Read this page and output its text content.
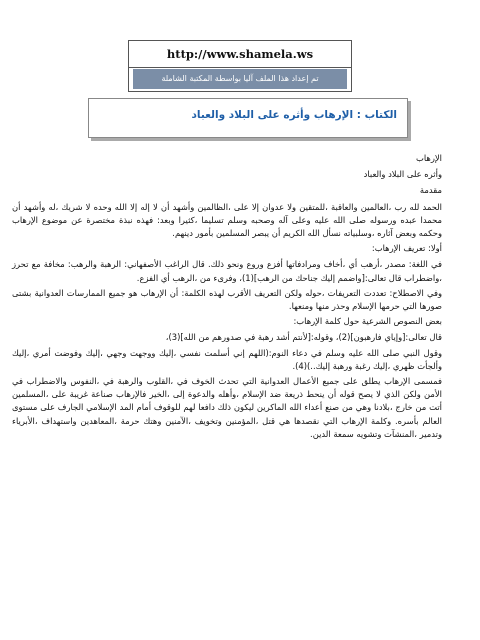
http://www.shamela.ws
تم إعداد هذا الملف آليا بواسطة المكتبة الشاملة
الكتاب : الإرهاب وأثره على البلاد والعباد

الإرهاب

وأثره على البلاد والعباد

مقدمة

الحمد لله رب ،العالمين والعاقبة ،للمتقين ولا عدوان إلا على ،الظالمين وأشهد أن لا إله إلا الله وحده لا شريك ،له وأشهد أن محمدا عبده ورسوله صلى الله عليه وعلى آله وصحبه وسلم تسليما ،كثيرا وبعد: فهذه نبذة مختصرة عن موضوع الإرهاب وحكمه وبعض آثاره ،وسلبياته نسأل الله الكريم أن يبصر المسلمين بأمور دينهم.

أولا: تعريف الإرهاب:

في اللغة: مصدر ،أرهب أي ،أخاف ومرادفاتها أفزع وروع ونحو ذلك. قال الراغب الأصفهاني: الرهبة والرهب: مخافة مع تحرز ،واضطراب قال تعالى:[واضمم إليك جناحك من الرهب](1)، وفرىء من ،الرهب أي الفزع.

وفي الاصطلاح: تعددت التعريفات ،حوله ولكن التعريف الأقرب لهذه الكلمة: أن الإرهاب هو جميع الممارسات العدوانية بشتى صورها التي حرمها الإسلام وحذر منها ومنعها.

بعض النصوص الشرعية حول كلمة الإرهاب:

قال تعالى:[وإياي فارهبون](2)، وقوله:[لأنتم أشد رهبة في صدورهم من الله](3)،

وقول النبي صلى الله عليه وسلم في دعاء النوم:(اللهم إني أسلمت نفسي ،إليك ووجهت وجهي ،إليك وفوضت أمري ،إليك وألجأت ظهري ،إليك رغبة ورهبة إليك..)(4).

فمسمى الإرهاب يطلق على جميع الأعمال العدوانية التي تحدث الخوف في ،القلوب والرهبة في ،النفوس والاضطراب في الأمن ولكن الذي لا يصح قوله أن ينحط ذريعة ضد الإسلام ،وأهله والدعوة إلى ،الخير فالإرهاب صناعة غريبة على ،المسلمين أتت من خارج ،بلادنا وهي من صنع أعداء الله الماكرين ليكون ذلك دافعا لهم للوقوف أمام المد الإسلامي الجارف على مستوى العالم بأسره. وكلمة الإرهاب التي نقصدها هي قتل ،المؤمنين وتخويف ،الآمنين وهتك حرمة ،المعاهدين واستهداف ،الأبرياء وتدمير ،المنشآت وتشويه سمعة الدين.
